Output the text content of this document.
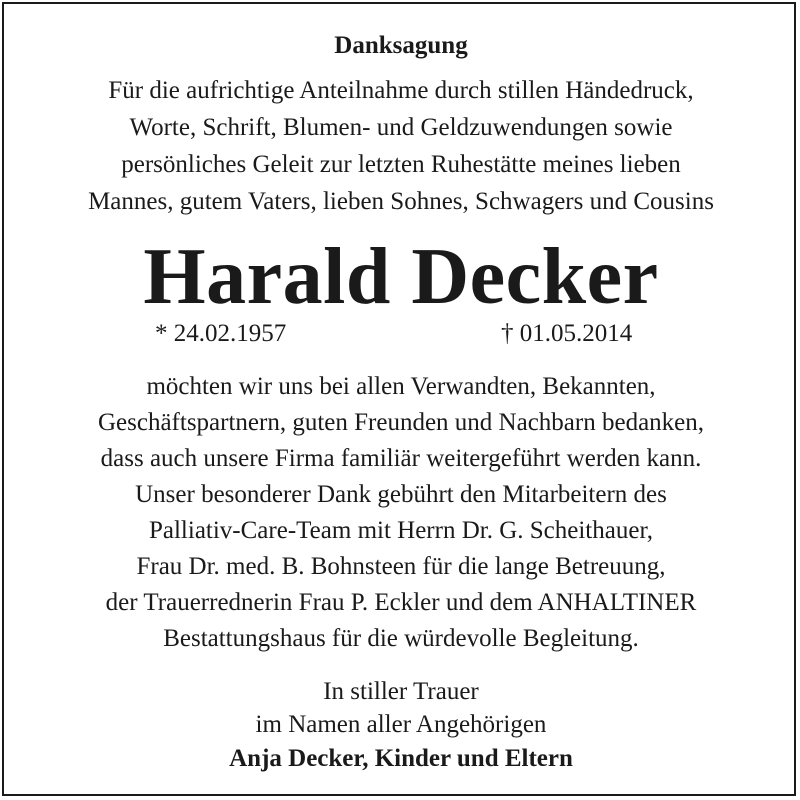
Danksagung
Für die aufrichtige Anteilnahme durch stillen Händedruck,
Worte, Schrift, Blumen- und Geldzuwendungen sowie
persönliches Geleit zur letzten Ruhestätte meines lieben
Mannes, gutem Vaters, lieben Sohnes, Schwagers und Cousins
Harald Decker
* 24.02.1957	† 01.05.2014
möchten wir uns bei allen Verwandten, Bekannten,
Geschäftspartnern, guten Freunden und Nachbarn bedanken,
dass auch unsere Firma familiär weitergeführt werden kann.
Unser besonderer Dank gebührt den Mitarbeitern des
Palliativ-Care-Team mit Herrn Dr. G. Scheithauer,
Frau Dr. med. B. Bohnsteen für die lange Betreuung,
der Trauerrednerin Frau P. Eckler und dem ANHALTINER
Bestattungshaus für die würdevolle Begleitung.
In stiller Trauer
im Namen aller Angehörigen
Anja Decker, Kinder und Eltern
